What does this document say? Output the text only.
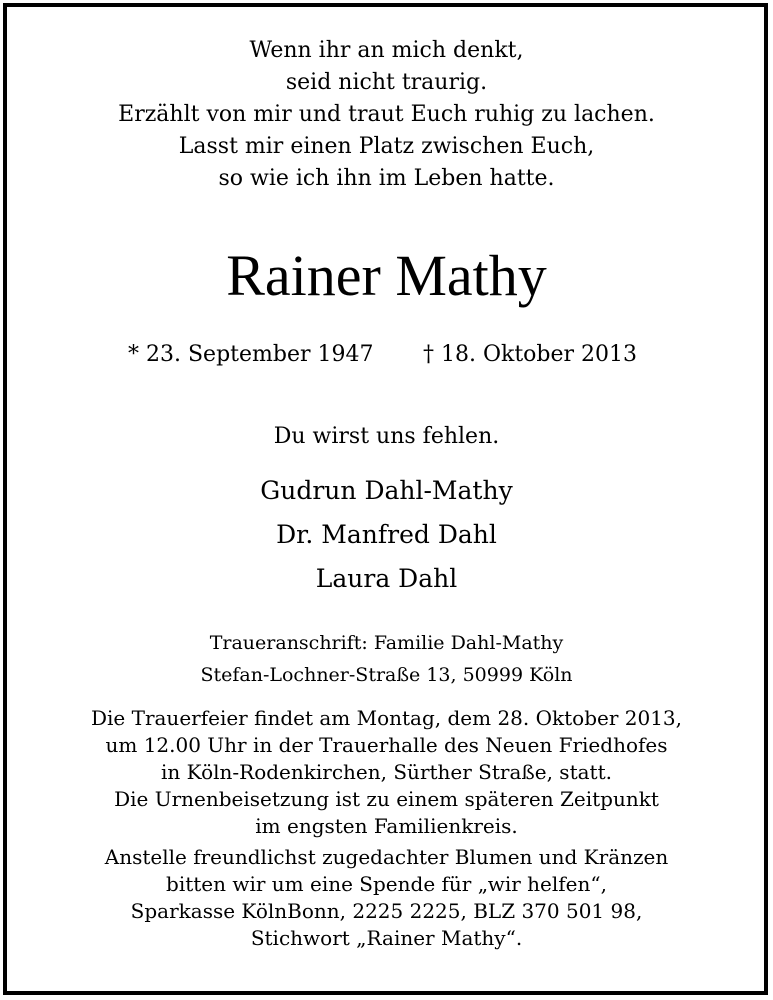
Wenn ihr an mich denkt,
seid nicht traurig.
Erzählt von mir und traut Euch ruhig zu lachen.
Lasst mir einen Platz zwischen Euch,
so wie ich ihn im Leben hatte.
Rainer Mathy
* 23. September 1947 † 18. Oktober 2013
Du wirst uns fehlen.
Gudrun Dahl-Mathy
Dr. Manfred Dahl
Laura Dahl
Traueranschrift: Familie Dahl-Mathy
Stefan-Lochner-Straße 13, 50999 Köln
Die Trauerfeier findet am Montag, dem 28. Oktober 2013,
um 12.00 Uhr in der Trauerhalle des Neuen Friedhofes
in Köln-Rodenkirchen, Sürther Straße, statt.
Die Urnenbeisetzung ist zu einem späteren Zeitpunkt
im engsten Familienkreis.
Anstelle freundlichst zugedachter Blumen und Kränzen
bitten wir um eine Spende für „wir helfen“,
Sparkasse KölnBonn, 2225 2225, BLZ 370 501 98,
Stichwort „Rainer Mathy“.
